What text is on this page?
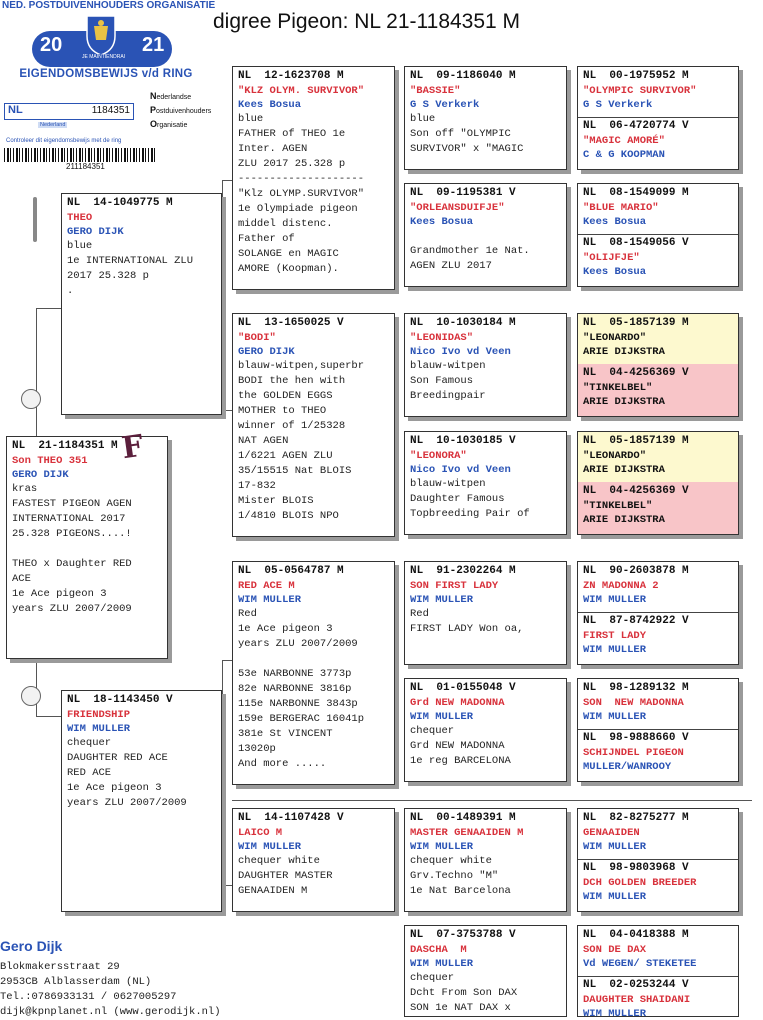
NED. POSTDUIVENHOUDERS ORGANISATIE
20	21
JE MAINTIENDRAI
EIGENDOMSBEWIJS v/d RING
NL	1184351
Nederlandse
Postduivenhouders
Organisatie
Nederland
Controleer dit eigendomsbewijs met de ring
211184351
digree Pigeon: NL 21-1184351 M
NL  21-1184351 M
Son THEO 351
GERO DIJK
kras
FASTEST PIGEON AGEN
INTERNATIONAL 2017
25.328 PIGEONS....!

THEO x Daughter RED
ACE
1e Ace pigeon 3
years ZLU 2007/2009
F
NL  14-1049775 M
THEO
GERO DIJK
blue
1e INTERNATIONAL ZLU
2017 25.328 p
.
NL  18-1143450 V
FRIENDSHIP
WIM MULLER
chequer
DAUGHTER RED ACE
RED ACE
1e Ace pigeon 3
years ZLU 2007/2009
NL  12-1623708 M
"KLZ OLYM. SURVIVOR"
Kees Bosua
blue
FATHER of THEO 1e
Inter. AGEN
ZLU 2017 25.328 p
--------------------
"Klz OLYMP.SURVIVOR"
1e Olympiade pigeon
middel distenc.
Father of
SOLANGE en MAGIC
AMORE (Koopman).
NL  13-1650025 V
"BODI"
GERO DIJK
blauw-witpen,superbr
BODI the hen with
the GOLDEN EGGS
MOTHER to THEO
winner of 1/25328
NAT AGEN
1/6221 AGEN ZLU
35/15515 Nat BLOIS
17-832
Mister BLOIS
1/4810 BLOIS NPO
NL  05-0564787 M
RED ACE M
WIM MULLER
Red
1e Ace pigeon 3
years ZLU 2007/2009

53e NARBONNE 3773p
82e NARBONNE 3816p
115e NARBONNE 3843p
159e BERGERAC 16041p
381e St VINCENT
13020p
And more .....
NL  14-1107428 V
LAICO M
WIM MULLER
chequer white
DAUGHTER MASTER
GENAAIDEN M
NL  09-1186040 M
"BASSIE"
G S Verkerk
blue
Son off "OLYMPIC
SURVIVOR" x "MAGIC
NL  09-1195381 V
"ORLEANSDUIFJE"
Kees Bosua

Grandmother 1e Nat.
AGEN ZLU 2017
NL  10-1030184 M
"LEONIDAS"
Nico Ivo vd Veen
blauw-witpen
Son Famous
Breedingpair
NL  10-1030185 V
"LEONORA"
Nico Ivo vd Veen
blauw-witpen
Daughter Famous
Topbreeding Pair of
NL  91-2302264 M
SON FIRST LADY
WIM MULLER
Red
FIRST LADY Won oa,
NL  01-0155048 V
Grd NEW MADONNA
WIM MULLER
chequer
Grd NEW MADONNA
1e reg BARCELONA
NL  00-1489391 M
MASTER GENAAIDEN M
WIM MULLER
chequer white
Grv.Techno "M"
1e Nat Barcelona
NL  07-3753788 V
DASCHA  M
WIM MULLER
chequer
Dcht From Son DAX
SON 1e NAT DAX x
NL  00-1975952 M
"OLYMPIC SURVIVOR"
G S Verkerk
NL  06-4720774 V
"MAGIC AMORÉ"
C & G KOOPMAN
NL  08-1549099 M
"BLUE MARIO"
Kees Bosua
NL  08-1549056 V
"OLIJFJE"
Kees Bosua
NL  05-1857139 M
"LEONARDO"
ARIE DIJKSTRA
NL  04-4256369 V
"TINKELBEL"
ARIE DIJKSTRA
NL  05-1857139 M
"LEONARDO"
ARIE DIJKSTRA
NL  04-4256369 V
"TINKELBEL"
ARIE DIJKSTRA
NL  90-2603878 M
ZN MADONNA 2
WIM MULLER
NL  87-8742922 V
FIRST LADY
WIM MULLER
NL  98-1289132 M
SON  NEW MADONNA
WIM MULLER
NL  98-9888660 V
SCHIJNDEL PIGEON
MULLER/WANROOY
NL  82-8275277 M
GENAAIDEN
WIM MULLER
NL  98-9803968 V
DCH GOLDEN BREEDER
WIM MULLER
NL  04-0418388 M
SON DE DAX
Vd WEGEN/ STEKETEE
NL  02-0253244 V
DAUGHTER SHAIDANI
WIM MULLER
Gero Dijk
Blokmakersstraat 29
2953CB Alblasserdam (NL)
Tel.:0786933131 / 0627005297
dijk@kpnplanet.nl (www.gerodijk.nl)
